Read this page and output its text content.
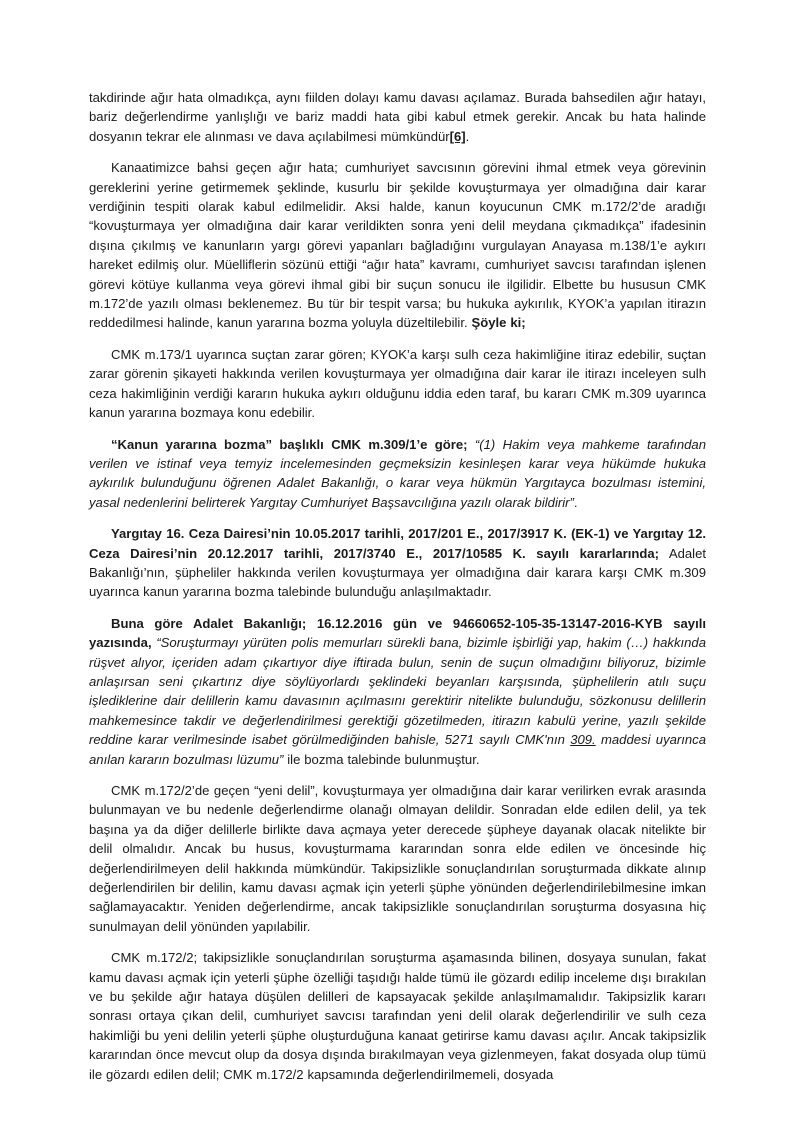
takdirinde ağır hata olmadıkça, aynı fiilden dolayı kamu davası açılamaz. Burada bahsedilen ağır hatayı, bariz değerlendirme yanlışlığı ve bariz maddi hata gibi kabul etmek gerekir. Ancak bu hata halinde dosyanın tekrar ele alınması ve dava açılabilmesi mümkündür[6].

Kanaatimizce bahsi geçen ağır hata; cumhuriyet savcısının görevini ihmal etmek veya görevinin gereklerini yerine getirmemek şeklinde, kusurlu bir şekilde kovuşturmaya yer olmadığına dair karar verdiğinin tespiti olarak kabul edilmelidir. Aksi halde, kanun koyucunun CMK m.172/2’de aradığı “kovuşturmaya yer olmadığına dair karar verildikten sonra yeni delil meydana çıkmadıkça” ifadesinin dışına çıkılmış ve kanunların yargı görevi yapanları bağladığını vurgulayan Anayasa m.138/1’e aykırı hareket edilmiş olur. Müelliflerin sözünü ettiği “ağır hata” kavramı, cumhuriyet savcısı tarafından işlenen görevi kötüye kullanma veya görevi ihmal gibi bir suçun sonucu ile ilgilidir. Elbette bu hususun CMK m.172’de yazılı olması beklenemez. Bu tür bir tespit varsa; bu hukuka aykırılık, KYOK’a yapılan itirazın reddedilmesi halinde, kanun yararına bozma yoluyla düzeltilebilir. Şöyle ki;

CMK m.173/1 uyarınca suçtan zarar gören; KYOK’a karşı sulh ceza hakimliğine itiraz edebilir, suçtan zarar görenin şikayeti hakkında verilen kovuşturmaya yer olmadığına dair karar ile itirazı inceleyen sulh ceza hakimliğinin verdiği kararın hukuka aykırı olduğunu iddia eden taraf, bu kararı CMK m.309 uyarınca kanun yararına bozmaya konu edebilir.

“Kanun yararına bozma” başlıklı CMK m.309/1’e göre; “(1) Hakim veya mahkeme tarafından verilen ve istinaf veya temyiz incelemesinden geçmeksizin kesinleşen karar veya hükümde hukuka aykırılık bulunduğunu öğrenen Adalet Bakanlığı, o karar veya hükmün Yargıtayca bozulması istemini, yasal nedenlerini belirterek Yargıtay Cumhuriyet Başsavcılığına yazılı olarak bildirir”.

Yargıtay 16. Ceza Dairesi’nin 10.05.2017 tarihli, 2017/201 E., 2017/3917 K. (EK-1) ve Yargıtay 12. Ceza Dairesi’nin 20.12.2017 tarihli, 2017/3740 E., 2017/10585 K. sayılı kararlarında; Adalet Bakanlığı’nın, şüpheliler hakkında verilen kovuşturmaya yer olmadığına dair karara karşı CMK m.309 uyarınca kanun yararına bozma talebinde bulunduğu anlaşılmaktadır.

Buna göre Adalet Bakanlığı; 16.12.2016 gün ve 94660652-105-35-13147-2016-KYB sayılı yazısında, “Soruşturmayı yürüten polis memurları sürekli bana, bizimle işbirliği yap, hakim (…) hakkında rüşvet alıyor, içeriden adam çıkartıyor diye iftirada bulun, senin de suçun olmadığını biliyoruz, bizimle anlaşırsan seni çıkartırız diye söylüyorlardı şeklindeki beyanları karşısında, şüphelilerin atılı suçu işlediklerine dair delillerin kamu davasının açılmasını gerektirir nitelikte bulunduğu, sözkonusu delillerin mahkemesince takdir ve değerlendirilmesi gerektiği gözetilmeden, itirazın kabulü yerine, yazılı şekilde reddine karar verilmesinde isabet görülmediğinden bahisle, 5271 sayılı CMK'nın 309. maddesi uyarınca anılan kararın bozulması lüzumu” ile bozma talebinde bulunmuştur.

CMK m.172/2’de geçen “yeni delil”, kovuşturmaya yer olmadığına dair karar verilirken evrak arasında bulunmayan ve bu nedenle değerlendirme olanağı olmayan delildir. Sonradan elde edilen delil, ya tek başına ya da diğer delillerle birlikte dava açmaya yeter derecede şüpheye dayanak olacak nitelikte bir delil olmalıdır. Ancak bu husus, kovuşturmama kararından sonra elde edilen ve öncesinde hiç değerlendirilmeyen delil hakkında mümkündür. Takipsizlikle sonuçlandırılan soruşturmada dikkate alınıp değerlendirilen bir delilin, kamu davası açmak için yeterli şüphe yönünden değerlendirilebilmesine imkan sağlamayacaktır. Yeniden değerlendirme, ancak takipsizlikle sonuçlandırılan soruşturma dosyasına hiç sunulmayan delil yönünden yapılabilir.

CMK m.172/2; takipsizlikle sonuçlandırılan soruşturma aşamasında bilinen, dosyaya sunulan, fakat kamu davası açmak için yeterli şüphe özelliği taşıdığı halde tümü ile gözardı edilip inceleme dışı bırakılan ve bu şekilde ağır hataya düşülen delilleri de kapsayacak şekilde anlaşılmamalıdır. Takipsizlik kararı sonrası ortaya çıkan delil, cumhuriyet savcısı tarafından yeni delil olarak değerlendirilir ve sulh ceza hakimliği bu yeni delilin yeterli şüphe oluşturduğuna kanaat getirirse kamu davası açılır. Ancak takipsizlik kararından önce mevcut olup da dosya dışında bırakılmayan veya gizlenmeyen, fakat dosyada olup tümü ile gözardı edilen delil; CMK m.172/2 kapsamında değerlendirilmemeli, dosyada
